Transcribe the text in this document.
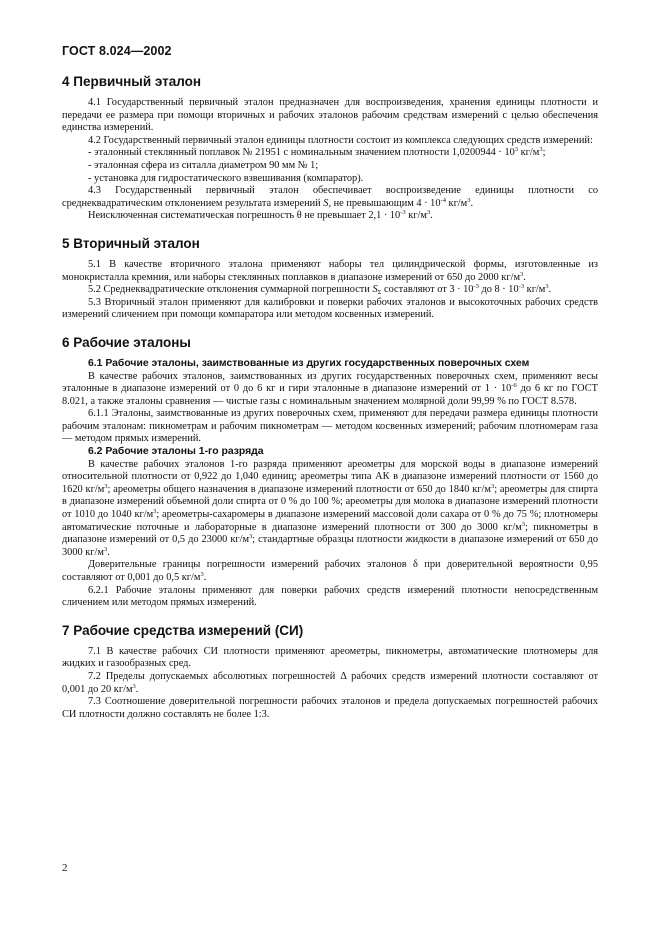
ГОСТ 8.024—2002
4 Первичный эталон

4.1 Государственный первичный эталон предназначен для воспроизведения, хранения единицы плотности и передачи ее размера при помощи вторичных и рабочих эталонов рабочим средствам измерений с целью обеспечения единства измерений.

4.2 Государственный первичный эталон единицы плотности состоит из комплекса следующих средств измерений:

- эталонный стеклянный поплавок № 21951 с номинальным значением плотности $1,0200944 \cdot 10^3$ $кг/м^3$;

- эталонная сфера из ситалла диаметром 90 мм № 1;

- установка для гидростатического взвешивания (компаратор).

4.3 Государственный первичный эталон обеспечивает воспроизведение единицы плотности со среднеквадратическим отклонением результата измерений S, не превышающим $4 \cdot 10^{-4}$ $кг/м^3$.

Неисключенная систематическая погрешность θ не превышает $2,1 \cdot 10^{-3}$ $кг/м^3$.

5 Вторичный эталон

5.1 В качестве вторичного эталона применяют наборы тел цилиндрической формы, изготовленные из монокристалла кремния, или наборы стеклянных поплавков в диапазоне измерений от 650 до 2000 $кг/м^3$.

5.2 Среднеквадратические отклонения суммарной погрешности $S_\Sigma$ составляют от $3 \cdot 10^{-3}$ до $8 \cdot 10^{-3}$ $кг/м^3$.

5.3 Вторичный эталон применяют для калибровки и поверки рабочих эталонов и высокоточных рабочих средств измерений сличением при помощи компаратора или методом косвенных измерений.

6 Рабочие эталоны
6.1 Рабочие эталоны, заимствованные из других государственных поверочных схем

В качестве рабочих эталонов, заимствованных из других государственных поверочных схем, применяют весы эталонные в диапазоне измерений от 0 до 6 кг и гири эталонные в диапазоне измерений от $1 \cdot 10^{-6}$ до 6 кг по ГОСТ 8.021, а также эталоны сравнения — чистые газы с номинальным значением молярной доли 99,99 % по ГОСТ 8.578.

6.1.1 Эталоны, заимствованные из других поверочных схем, применяют для передачи размера единицы плотности рабочим эталонам: пикнометрам и рабочим пикнометрам — методом косвенных измерений; рабочим плотномерам газа — методом прямых измерений.

6.2 Рабочие эталоны 1-го разряда

В качестве рабочих эталонов 1-го разряда применяют ареометры для морской воды в диапазоне измерений относительной плотности от 0,922 до 1,040 единиц; ареометры типа АК в диапазоне измерений плотности от 1560 до 1620 $кг/м^3$; ареометры общего назначения в диапазоне измерений плотности от 650 до 1840 $кг/м^3$; ареометры для спирта в диапазоне измерений объемной доли спирта от 0 % до 100 %; ареометры для молока в диапазоне измерений плотности от 1010 до 1040 $кг/м^3$; ареометры-сахаромеры в диапазоне измерений массовой доли сахара от 0 % до 75 %; плотномеры автоматические поточные и лабораторные в диапазоне измерений плотности от 300 до 3000 $кг/м^3$; пикнометры в диапазоне измерений от 0,5 до 23000 $кг/м^3$; стандартные образцы плотности жидкости в диапазоне измерений от 650 до 3000 $кг/м^3$.

Доверительные границы погрешности измерений рабочих эталонов δ при доверительной вероятности 0,95 составляют от 0,001 до 0,5 $кг/м^3$.

6.2.1 Рабочие эталоны применяют для поверки рабочих средств измерений плотности непосредственным сличением или методом прямых измерений.

7 Рабочие средства измерений (СИ)

7.1 В качестве рабочих СИ плотности применяют ареометры, пикнометры, автоматические плотномеры для жидких и газообразных сред.

7.2 Пределы допускаемых абсолютных погрешностей Δ рабочих средств измерений плотности составляют от 0,001 до 20 $кг/м^3$.

7.3 Соотношение доверительной погрешности рабочих эталонов и предела допускаемых погрешностей рабочих СИ плотности должно составлять не более 1:3.

2
